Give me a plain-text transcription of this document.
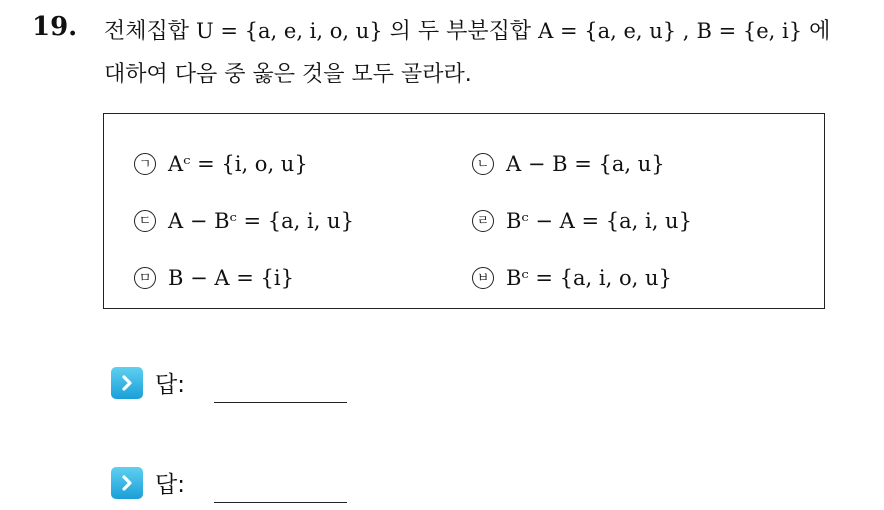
19. 전체집합 U = {a, e, i, o, u} 의 두 부분집합 A = {a, e, u} , B = {e, i} 에
대하여 다음 중 옳은 것을 모두 골라라.
ㄱ Aᶜ = {i, o, u}	ㄴ A − B = {a, u}
ㄷ A − Bᶜ = {a, i, u}	ㄹ Bᶜ − A = {a, i, u}
ㅁ B − A = {i}	ㅂ Bᶜ = {a, i, o, u}
답:
답:
